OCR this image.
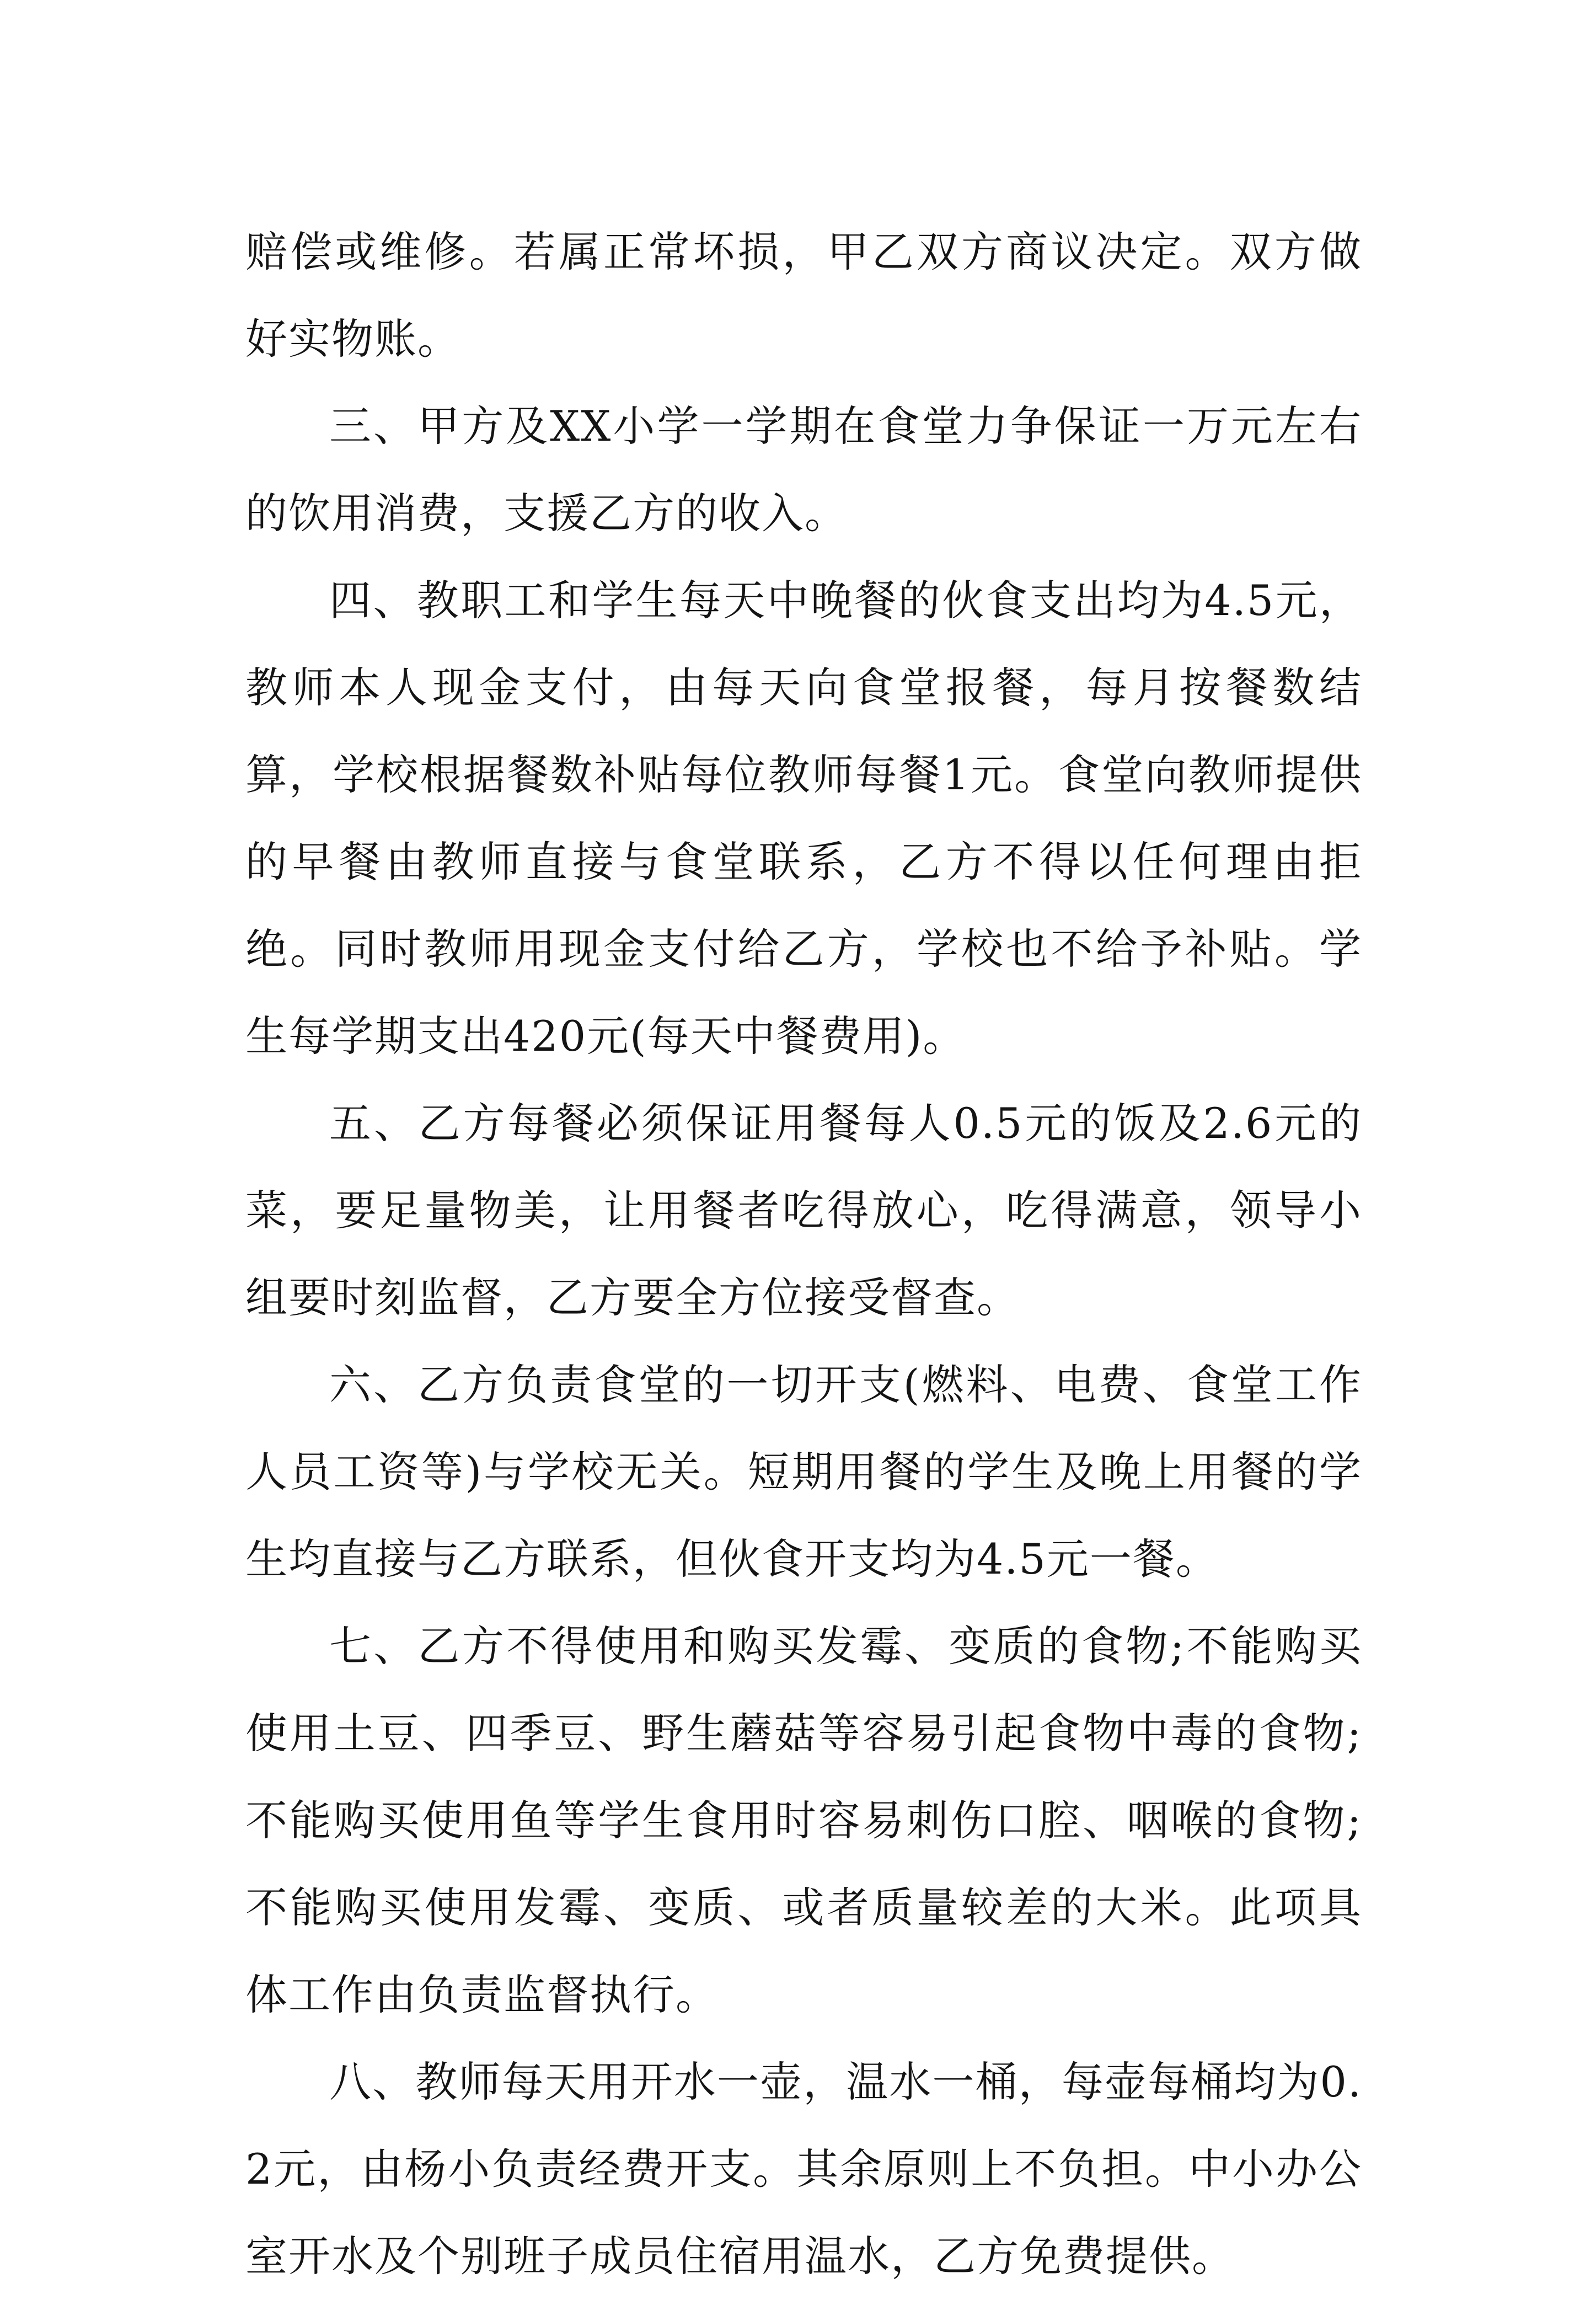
赔偿或维修。若属正常坏损，甲乙双方商议决定。双方做好实物账。

三、甲方及XX小学一学期在食堂力争保证一万元左右的饮用消费，支援乙方的收入。

四、教职工和学生每天中晚餐的伙食支出均为4.5元，教师本人现金支付，由每天向食堂报餐，每月按餐数结算，学校根据餐数补贴每位教师每餐1元。食堂向教师提供的早餐由教师直接与食堂联系，乙方不得以任何理由拒绝。同时教师用现金支付给乙方，学校也不给予补贴。学生每学期支出420元(每天中餐费用)。

五、乙方每餐必须保证用餐每人0.5元的饭及2.6元的菜，要足量物美，让用餐者吃得放心，吃得满意，领导小组要时刻监督，乙方要全方位接受督查。

六、乙方负责食堂的一切开支(燃料、电费、食堂工作人员工资等)与学校无关。短期用餐的学生及晚上用餐的学生均直接与乙方联系，但伙食开支均为4.5元一餐。

七、乙方不得使用和购买发霉、变质的食物;不能购买使用土豆、四季豆、野生蘑菇等容易引起食物中毒的食物;不能购买使用鱼等学生食用时容易刺伤口腔、咽喉的食物;不能购买使用发霉、变质、或者质量较差的大米。此项具体工作由负责监督执行。

八、教师每天用开水一壶，温水一桶，每壶每桶均为0.2元，由杨小负责经费开支。其余原则上不负担。中小办公室开水及个别班子成员住宿用温水，乙方免费提供。
